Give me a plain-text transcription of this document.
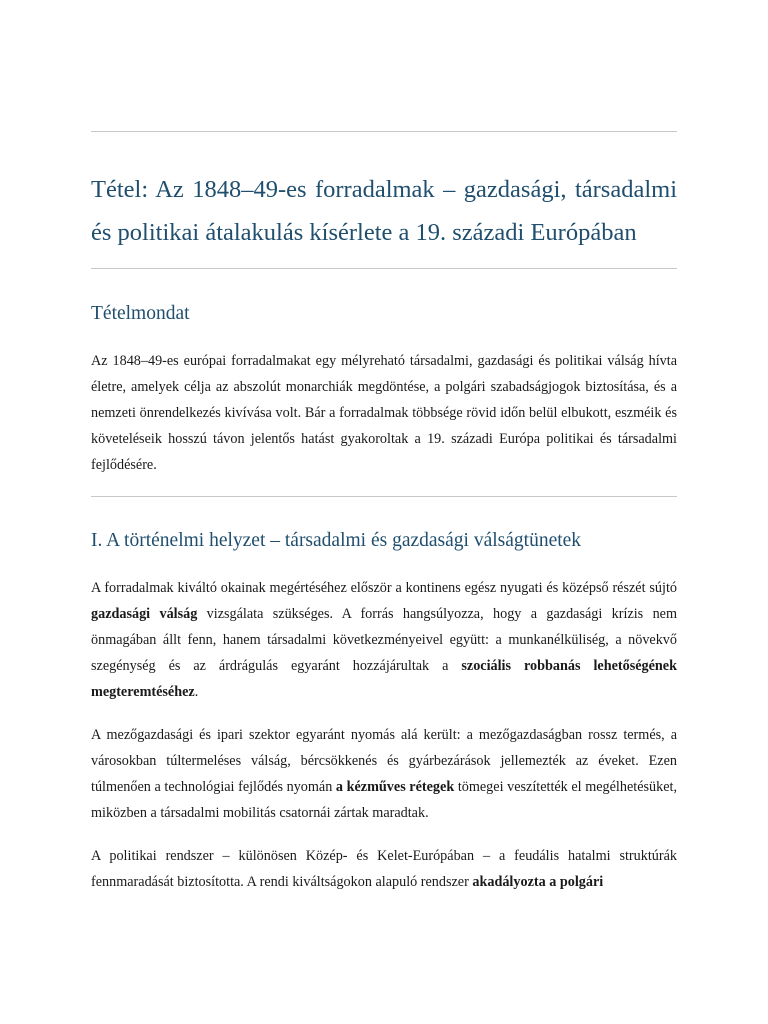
Tétel: Az 1848–49-es forradalmak – gazdasági, társadalmi és politikai átalakulás kísérlete a 19. századi Európában
Tételmondat

Az 1848–49-es európai forradalmakat egy mélyreható társadalmi, gazdasági és politikai válság hívta életre, amelyek célja az abszolút monarchiák megdöntése, a polgári szabadságjogok biztosítása, és a nemzeti önrendelkezés kivívása volt. Bár a forradalmak többsége rövid időn belül elbukott, eszméik és követeléseik hosszú távon jelentős hatást gyakoroltak a 19. századi Európa politikai és társadalmi fejlődésére.

I. A történelmi helyzet – társadalmi és gazdasági válságtünetek

A forradalmak kiváltó okainak megértéséhez először a kontinens egész nyugati és középső részét sújtó gazdasági válság vizsgálata szükséges. A forrás hangsúlyozza, hogy a gazdasági krízis nem önmagában állt fenn, hanem társadalmi következményeivel együtt: a munkanélküliség, a növekvő szegénység és az árdrágulás egyaránt hozzájárultak a szociális robbanás lehetőségének megteremtéséhez.

A mezőgazdasági és ipari szektor egyaránt nyomás alá került: a mezőgazdaságban rossz termés, a városokban túltermeléses válság, bércsökkenés és gyárbezárások jellemezték az éveket. Ezen túlmenően a technológiai fejlődés nyomán a kézműves rétegek tömegei veszítették el megélhetésüket, miközben a társadalmi mobilitás csatornái zártak maradtak.

A politikai rendszer – különösen Közép- és Kelet-Európában – a feudális hatalmi struktúrák fennmaradását biztosította. A rendi kiváltságokon alapuló rendszer akadályozta a polgári
